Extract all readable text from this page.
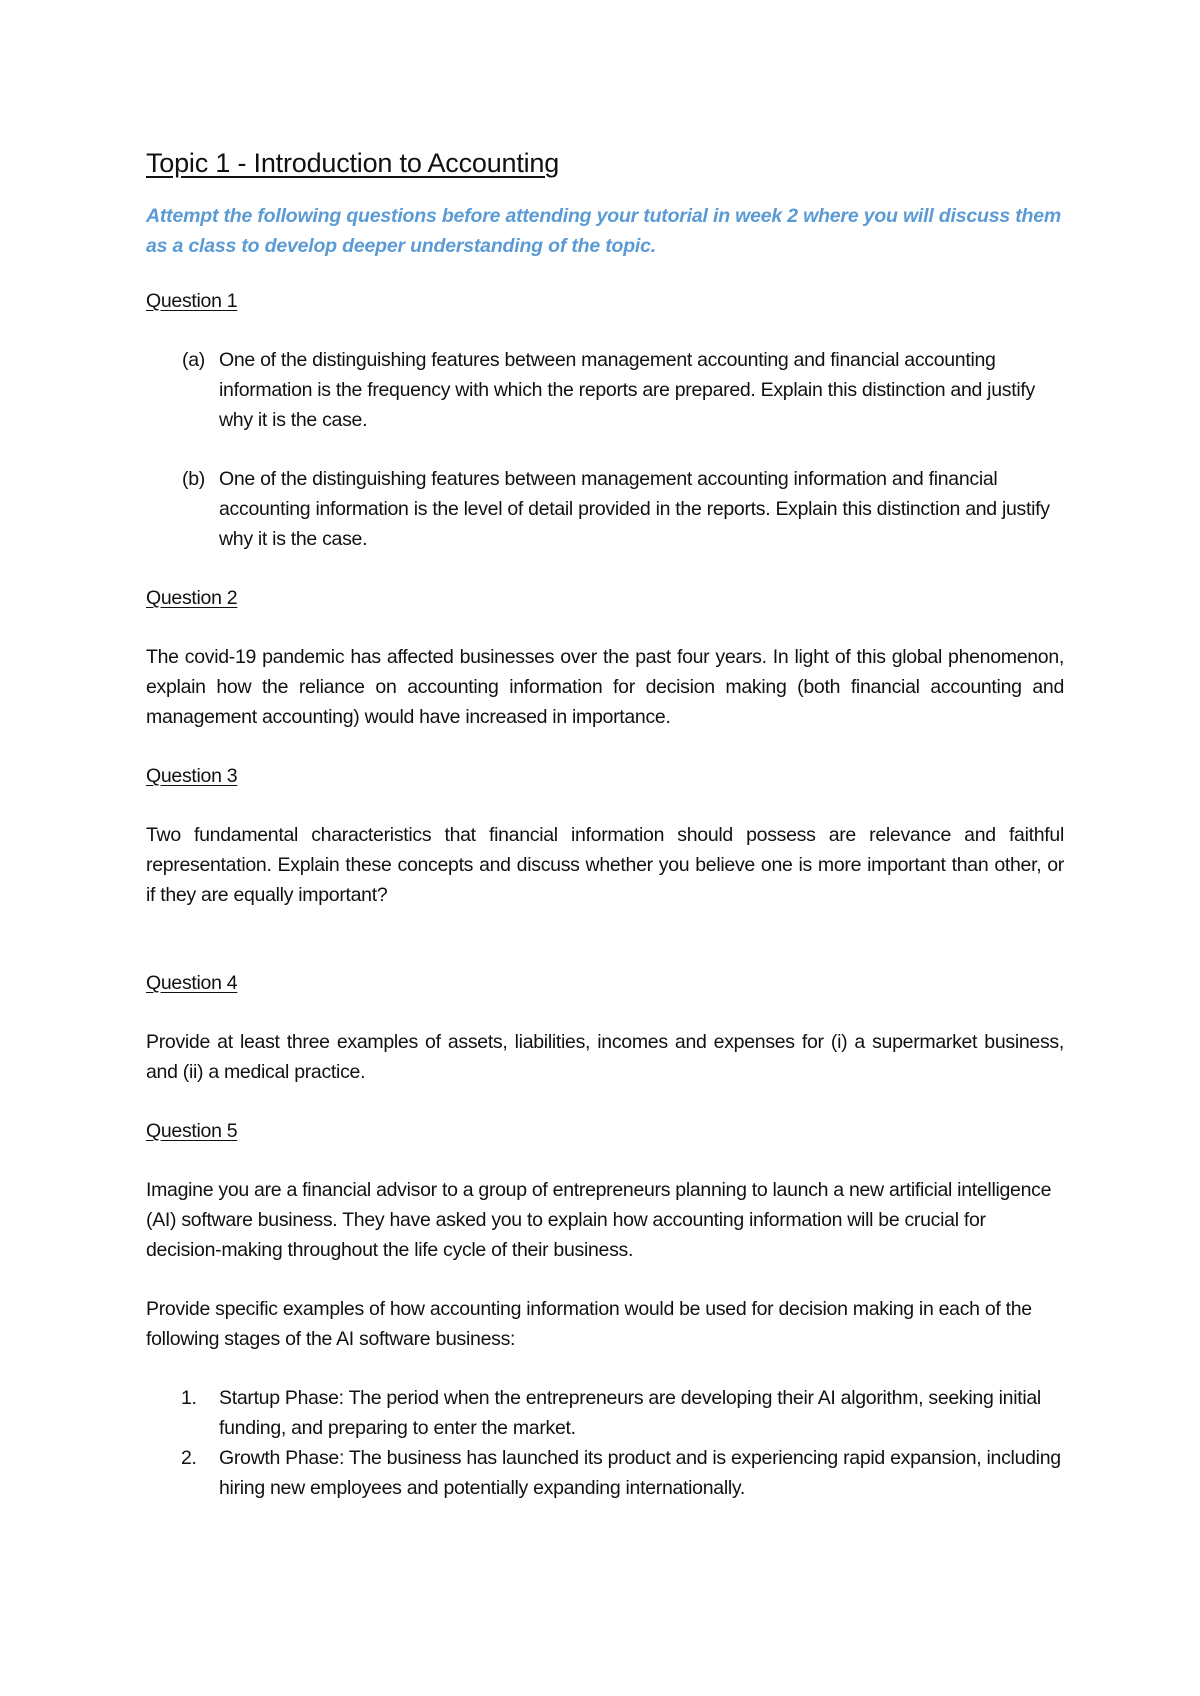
Topic 1 - Introduction to Accounting

Attempt the following questions before attending your tutorial in week 2 where you will discuss them as a class to develop deeper understanding of the topic.

Question 1
(a) One of the distinguishing features between management accounting and financial accounting information is the frequency with which the reports are prepared. Explain this distinction and justify why it is the case.
(b) One of the distinguishing features between management accounting information and financial accounting information is the level of detail provided in the reports. Explain this distinction and justify why it is the case.
Question 2

The covid-19 pandemic has affected businesses over the past four years. In light of this global phenomenon, explain how the reliance on accounting information for decision making (both financial accounting and management accounting) would have increased in importance.

Question 3

Two fundamental characteristics that financial information should possess are relevance and faithful representation. Explain these concepts and discuss whether you believe one is more important than other, or if they are equally important?

Question 4

Provide at least three examples of assets, liabilities, incomes and expenses for (i) a supermarket business, and (ii) a medical practice.

Question 5

Imagine you are a financial advisor to a group of entrepreneurs planning to launch a new artificial intelligence (AI) software business. They have asked you to explain how accounting information will be crucial for decision-making throughout the life cycle of their business.

Provide specific examples of how accounting information would be used for decision making in each of the following stages of the AI software business:

1.	Startup Phase: The period when the entrepreneurs are developing their AI algorithm, seeking initial funding, and preparing to enter the market.
2.	Growth Phase: The business has launched its product and is experiencing rapid expansion, including hiring new employees and potentially expanding internationally.
